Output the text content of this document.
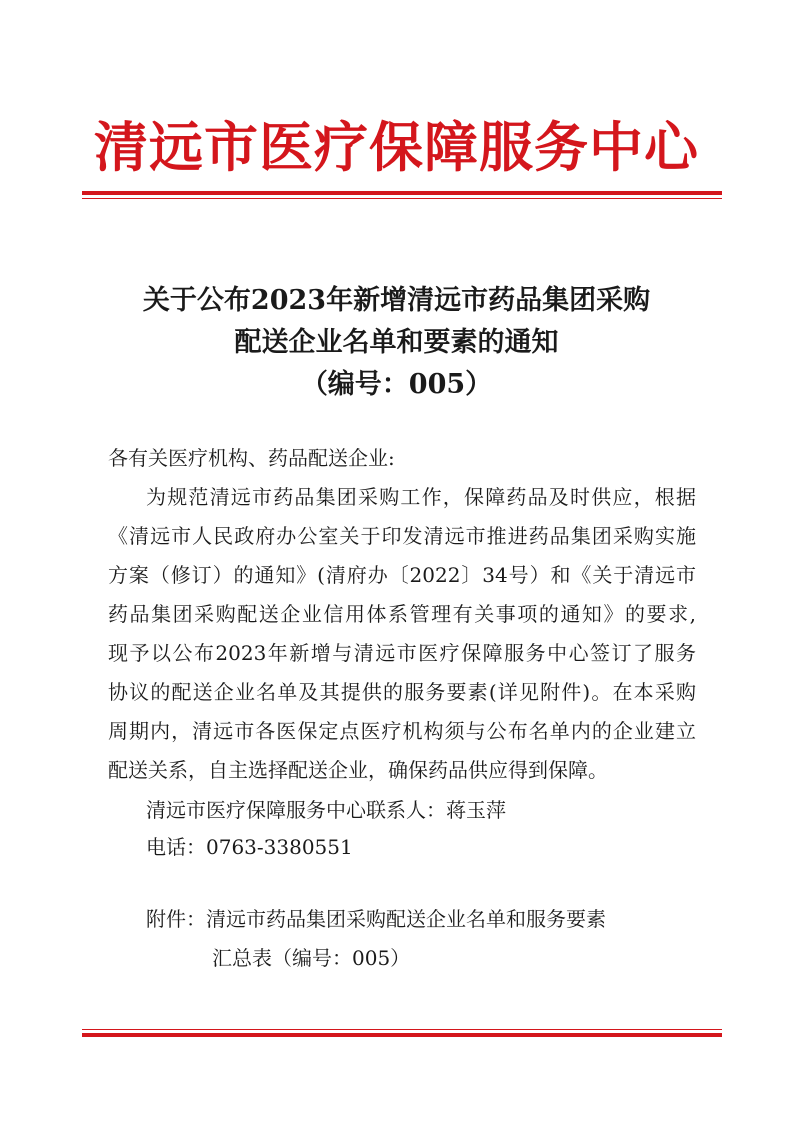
清远市医疗保障服务中心
关于公布2023年新增清远市药品集团采购
配送企业名单和要素的通知
（编号：005）
各有关医疗机构、药品配送企业:
为规范清远市药品集团采购工作，保障药品及时供应，根据
《清远市人民政府办公室关于印发清远市推进药品集团采购实施
方案（修订）的通知》(清府办〔2022〕34号）和《关于清远市
药品集团采购配送企业信用体系管理有关事项的通知》的要求,
现予以公布2023年新增与清远市医疗保障服务中心签订了服务
协议的配送企业名单及其提供的服务要素(详见附件)。在本采购
周期内，清远市各医保定点医疗机构须与公布名单内的企业建立
配送关系，自主选择配送企业，确保药品供应得到保障。
清远市医疗保障服务中心联系人：蒋玉萍
电话：0763-3380551
附件：清远市药品集团采购配送企业名单和服务要素
汇总表（编号：005）
